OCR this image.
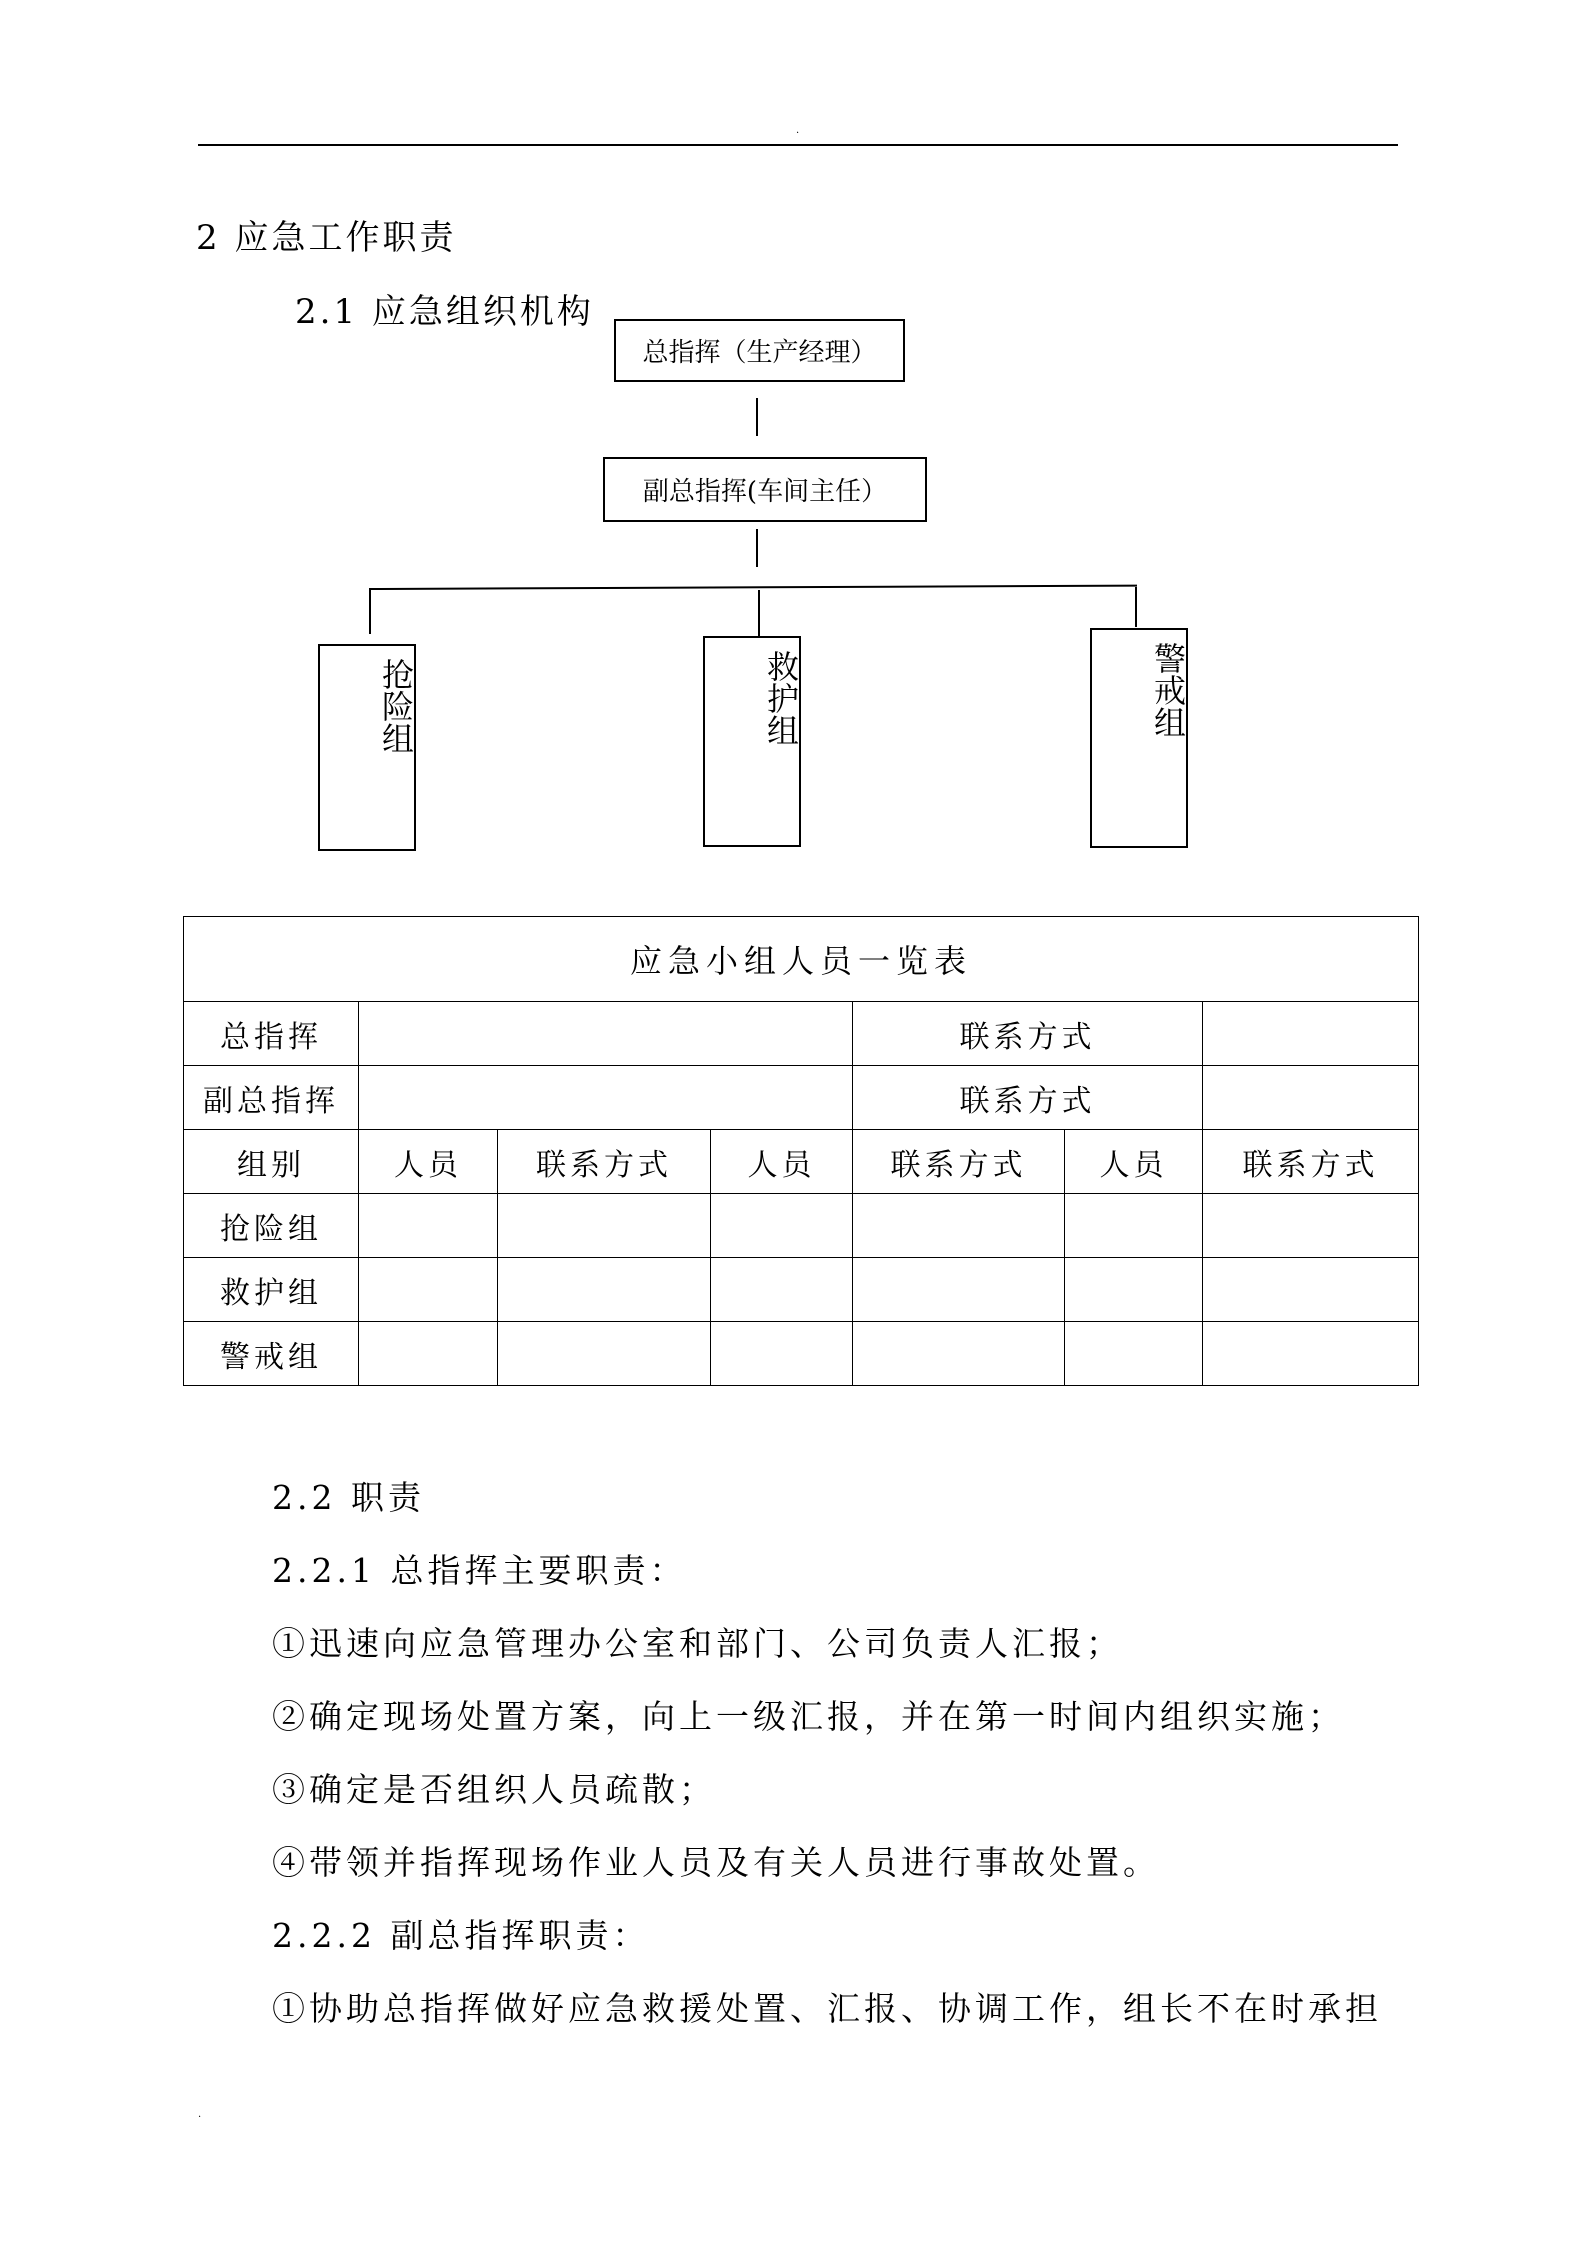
.
2 应急工作职责
2.1 应急组织机构
总指挥（生产经理）
副总指挥(车间主任）
抢险组	救护组	警戒组
应急小组人员一览表						
总指挥				联系方式		
副总指挥				联系方式		
组别	人员	联系方式	人员	联系方式	人员	联系方式
抢险组						
救护组						
警戒组						
2.2 职责
2.2.1 总指挥主要职责：
①迅速向应急管理办公室和部门、公司负责人汇报；
②确定现场处置方案，向上一级汇报，并在第一时间内组织实施；
③确定是否组织人员疏散；
④带领并指挥现场作业人员及有关人员进行事故处置。
2.2.2 副总指挥职责：
①协助总指挥做好应急救援处置、汇报、协调工作，组长不在时承担
.
